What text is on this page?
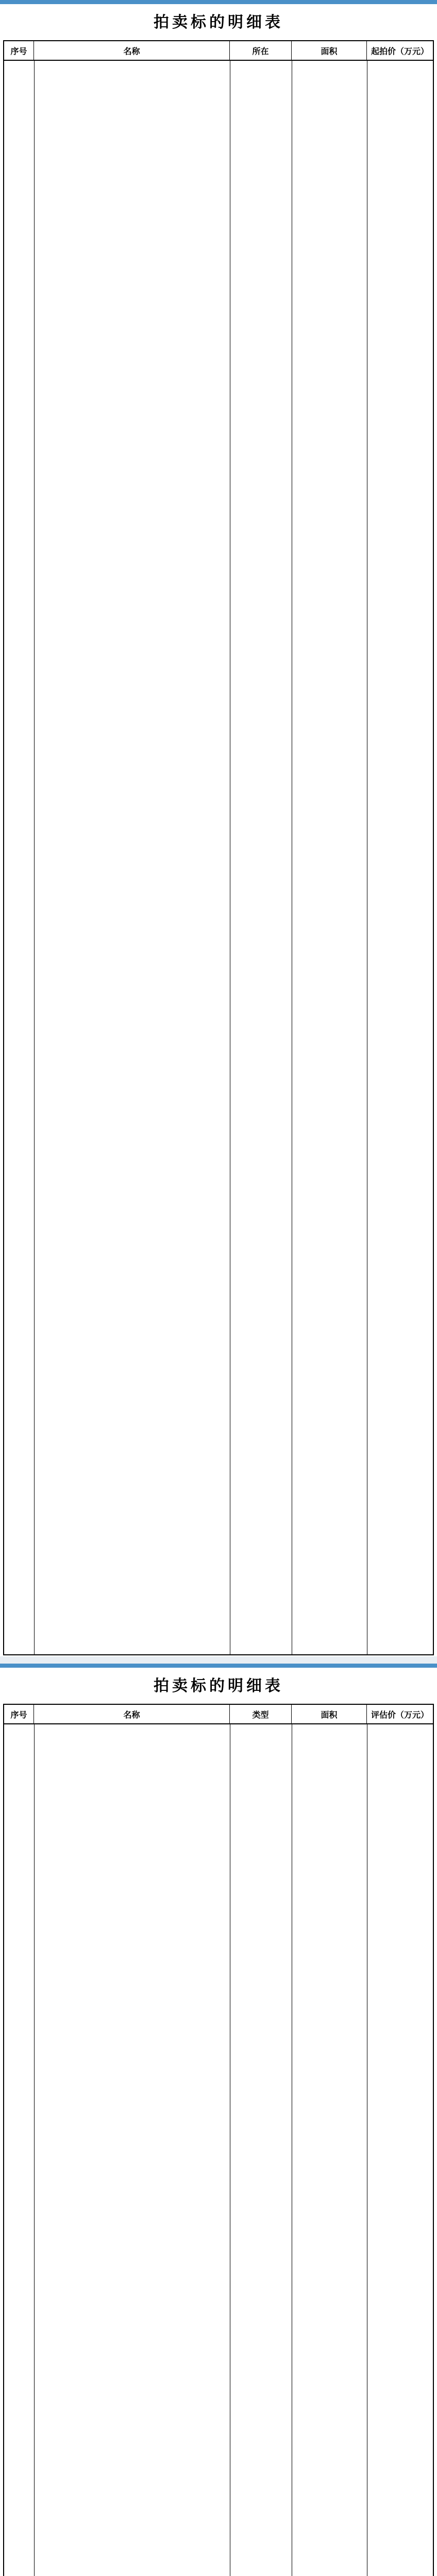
拍卖标的明细表
序号	名称	所在	面积	起拍价（万元）
拍卖标的明细表
序号	名称	类型	面积	评估价（万元）
